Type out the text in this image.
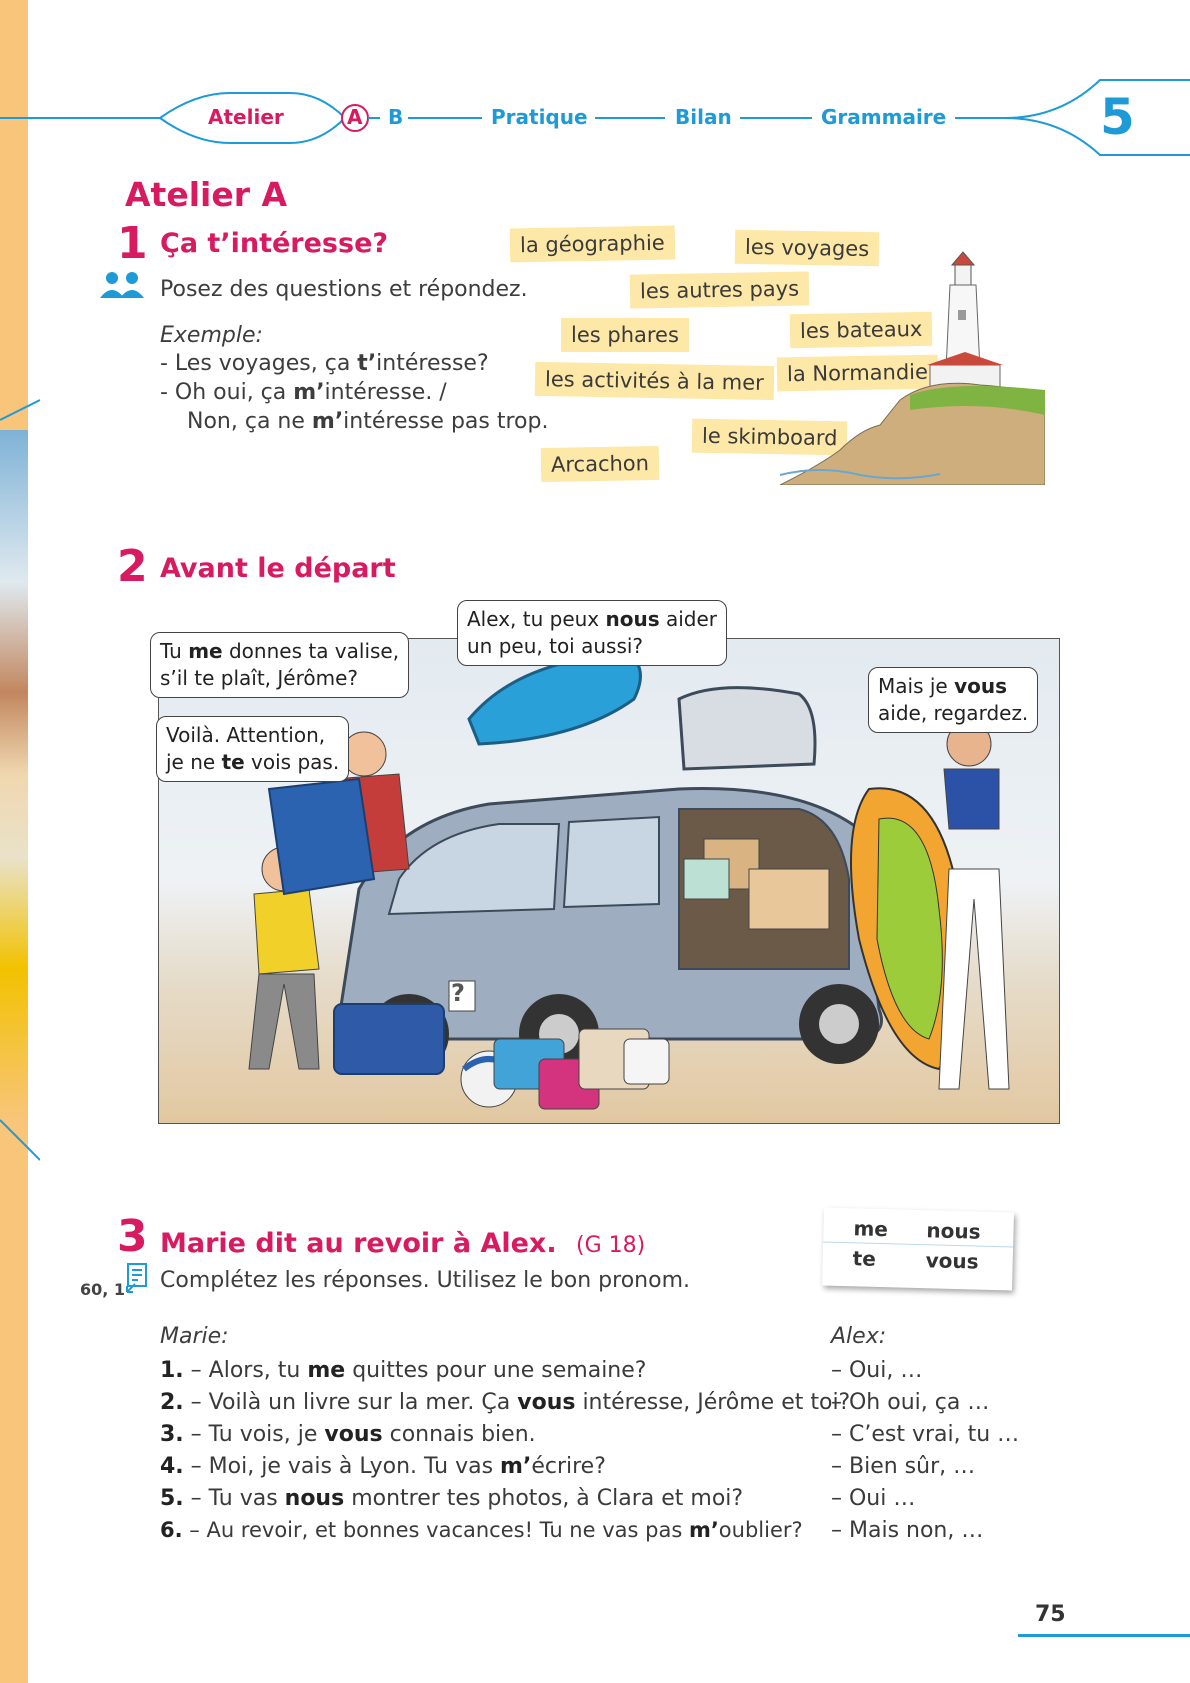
Atelier	A B	Pratique	Bilan	Grammaire	5
Atelier A
1 Ça t’intéresse?
Posez des questions et répondez.
Exemple:
- Les voyages, ça t’intéresse?
- Oh oui, ça m’intéresse. /
Non, ça ne m’intéresse pas trop.
la géographie	les voyages
les autres pays
les phares	les bateaux
les activités à la mer	la Normandie
le skimboard
Arcachon
2 Avant le départ
?
Tu me donnes ta valise,
s’il te plaît, Jérôme?
Alex, tu peux nous aider
un peu, toi aussi?
Mais je vous
aide, regardez.
Voilà. Attention,
je ne te vois pas.
3 Marie dit au revoir à Alex. (G 18)
60, 1 Complétez les réponses. Utilisez le bon pronom.
me nous
te vous
Marie:	Alex:
1. – Alors, tu me quittes pour une semaine?	– Oui, …
2. – Voilà un livre sur la mer. Ça vous intéresse, Jérôme et toi?
– Oh oui, ça …
3. – Tu vois, je vous connais bien.	– C’est vrai, tu …
4. – Moi, je vais à Lyon. Tu vas m’écrire?	– Bien sûr, …
5. – Tu vas nous montrer tes photos, à Clara et moi?	– Oui …
6. – Au revoir, et bonnes vacances! Tu ne vas pas m’oublier? – Mais non, …
75
